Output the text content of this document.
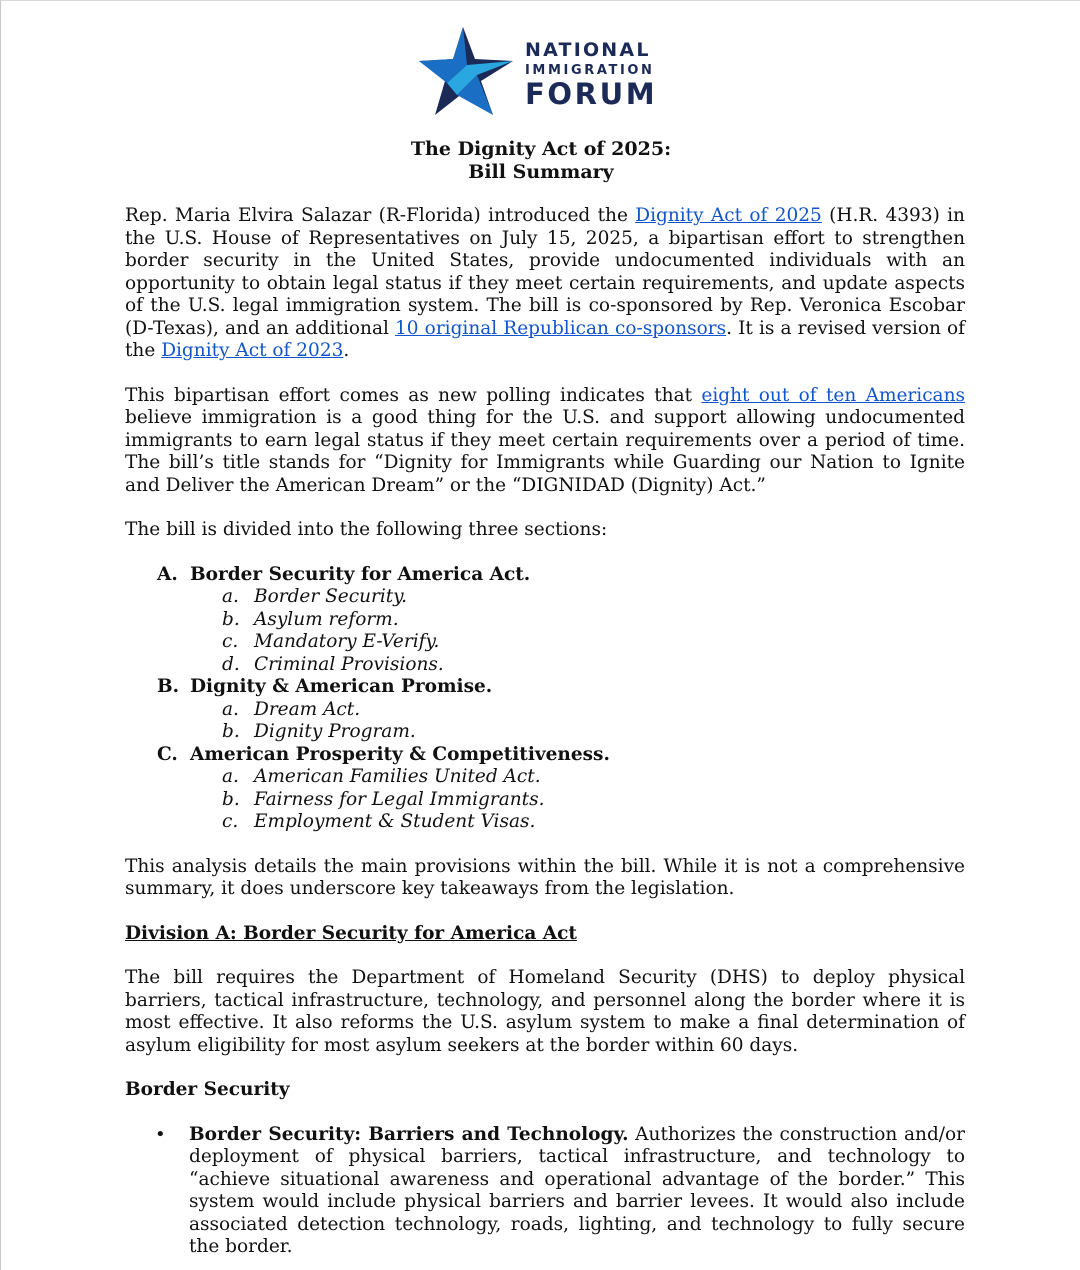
NATIONAL
IMMIGRATION
FORUM
The Dignity Act of 2025:
Bill Summary

Rep. Maria Elvira Salazar (R-Florida) introduced the Dignity Act of 2025 (H.R. 4393) in the U.S. House of Representatives on July 15, 2025, a bipartisan effort to strengthen border security in the United States, provide undocumented individuals with an opportunity to obtain legal status if they meet certain requirements, and update aspects of the U.S. legal immigration system. The bill is co-sponsored by Rep. Veronica Escobar (D-Texas), and an additional 10 original Republican co-sponsors. It is a revised version of the Dignity Act of 2023.

This bipartisan effort comes as new polling indicates that eight out of ten Americans believe immigration is a good thing for the U.S. and support allowing undocumented immigrants to earn legal status if they meet certain requirements over a period of time. The bill’s title stands for “Dignity for Immigrants while Guarding our Nation to Ignite and Deliver the American Dream” or the “DIGNIDAD (Dignity) Act.”

The bill is divided into the following three sections:

A. Border Security for America Act.
a. Border Security.
b. Asylum reform.
c. Mandatory E-Verify.
d. Criminal Provisions.
B. Dignity & American Promise.
a. Dream Act.
b. Dignity Program.
C. American Prosperity & Competitiveness.
a. American Families United Act.
b. Fairness for Legal Immigrants.
c. Employment & Student Visas.

This analysis details the main provisions within the bill. While it is not a comprehensive summary, it does underscore key takeaways from the legislation.

Division A: Border Security for America Act

The bill requires the Department of Homeland Security (DHS) to deploy physical barriers, tactical infrastructure, technology, and personnel along the border where it is most effective. It also reforms the U.S. asylum system to make a final determination of asylum eligibility for most asylum seekers at the border within 60 days.

Border Security

•	Border Security: Barriers and Technology. Authorizes the construction and/or deployment of physical barriers, tactical infrastructure, and technology to “achieve situational awareness and operational advantage of the border.” This system would include physical barriers and barrier levees. It would also include associated detection technology, roads, lighting, and technology to fully secure the border.
